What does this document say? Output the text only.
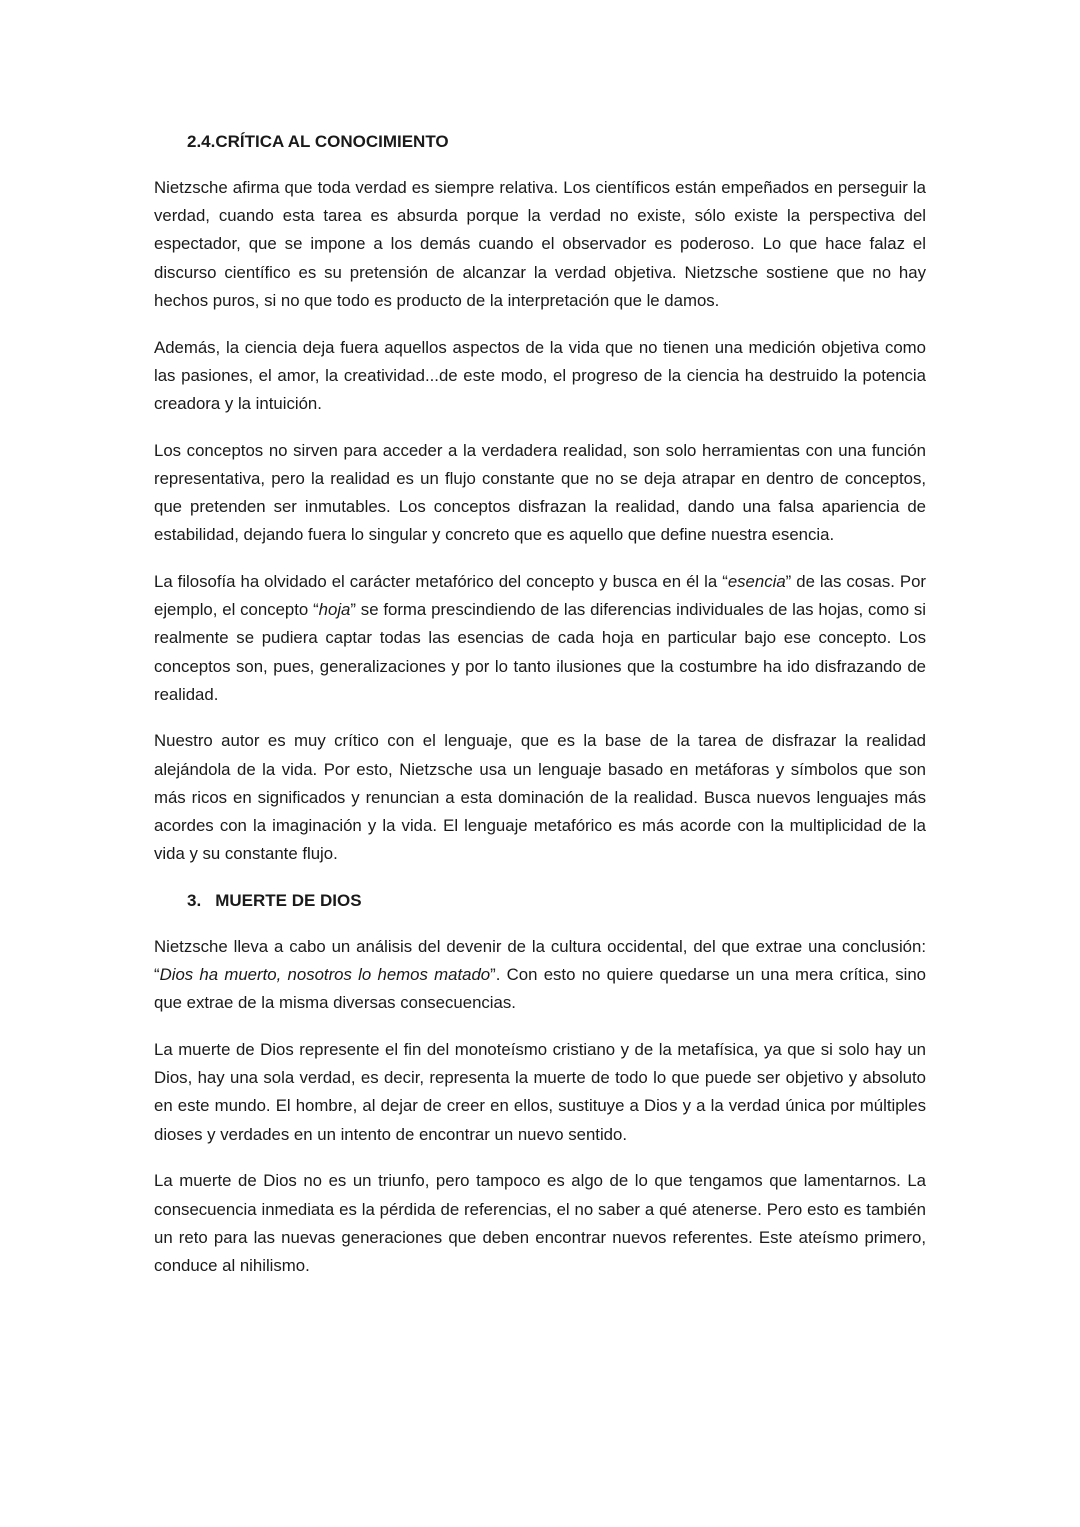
2.4.CRÍTICA AL CONOCIMIENTO

Nietzsche afirma que toda verdad es siempre relativa. Los científicos están empeñados en perseguir la verdad, cuando esta tarea es absurda porque la verdad no existe, sólo existe la perspectiva del espectador, que se impone a los demás cuando el observador es poderoso. Lo que hace falaz el discurso científico es su pretensión de alcanzar la verdad objetiva. Nietzsche sostiene que no hay hechos puros, si no que todo es producto de la interpretación que le damos.

Además, la ciencia deja fuera aquellos aspectos de la vida que no tienen una medición objetiva como las pasiones, el amor, la creatividad...de este modo, el progreso de la ciencia ha destruido la potencia creadora y la intuición.

Los conceptos no sirven para acceder a la verdadera realidad, son solo herramientas con una función representativa, pero la realidad es un flujo constante que no se deja atrapar en dentro de conceptos, que pretenden ser inmutables. Los conceptos disfrazan la realidad, dando una falsa apariencia de estabilidad, dejando fuera lo singular y concreto que es aquello que define nuestra esencia.

La filosofía ha olvidado el carácter metafórico del concepto y busca en él la “esencia” de las cosas. Por ejemplo, el concepto “hoja” se forma prescindiendo de las diferencias individuales de las hojas, como si realmente se pudiera captar todas las esencias de cada hoja en particular bajo ese concepto. Los conceptos son, pues, generalizaciones y por lo tanto ilusiones que la costumbre ha ido disfrazando de realidad.

Nuestro autor es muy crítico con el lenguaje, que es la base de la tarea de disfrazar la realidad alejándola de la vida. Por esto, Nietzsche usa un lenguaje basado en metáforas y símbolos que son más ricos en significados y renuncian a esta dominación de la realidad. Busca nuevos lenguajes más acordes con la imaginación y la vida. El lenguaje metafórico es más acorde con la multiplicidad de la vida y su constante flujo.

3. MUERTE DE DIOS

Nietzsche lleva a cabo un análisis del devenir de la cultura occidental, del que extrae una conclusión: “Dios ha muerto, nosotros lo hemos matado”. Con esto no quiere quedarse un una mera crítica, sino que extrae de la misma diversas consecuencias.

La muerte de Dios represente el fin del monoteísmo cristiano y de la metafísica, ya que si solo hay un Dios, hay una sola verdad, es decir, representa la muerte de todo lo que puede ser objetivo y absoluto en este mundo. El hombre, al dejar de creer en ellos, sustituye a Dios y a la verdad única por múltiples dioses y verdades en un intento de encontrar un nuevo sentido.

La muerte de Dios no es un triunfo, pero tampoco es algo de lo que tengamos que lamentarnos. La consecuencia inmediata es la pérdida de referencias, el no saber a qué atenerse. Pero esto es también un reto para las nuevas generaciones que deben encontrar nuevos referentes. Este ateísmo primero, conduce al nihilismo.
